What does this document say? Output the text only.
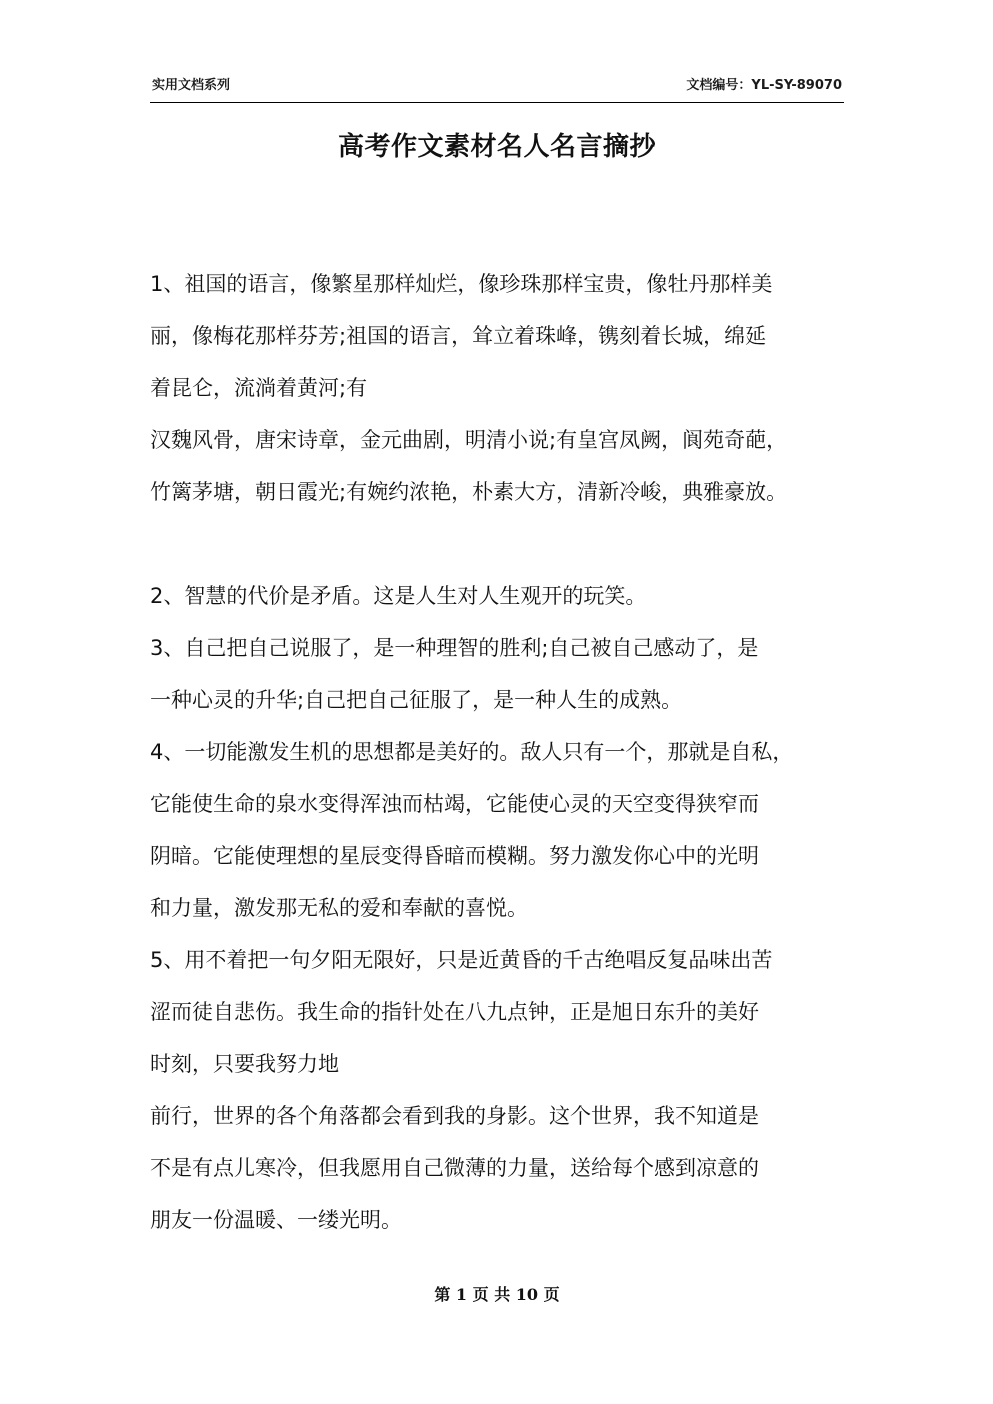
实用文档系列	文档编号：YL-SY-89070
高考作文素材名人名言摘抄
1、祖国的语言，像繁星那样灿烂，像珍珠那样宝贵，像牡丹那样美
丽，像梅花那样芬芳;祖国的语言，耸立着珠峰，镌刻着长城，绵延
着昆仑，流淌着黄河;有
汉魏风骨，唐宋诗章，金元曲剧，明清小说;有皇宫凤阙，阆苑奇葩，
竹篱茅塘，朝日霞光;有婉约浓艳，朴素大方，清新冷峻，典雅豪放。
2、智慧的代价是矛盾。这是人生对人生观开的玩笑。
3、自己把自己说服了，是一种理智的胜利;自己被自己感动了，是
一种心灵的升华;自己把自己征服了，是一种人生的成熟。
4、一切能激发生机的思想都是美好的。敌人只有一个，那就是自私，
它能使生命的泉水变得浑浊而枯竭，它能使心灵的天空变得狭窄而
阴暗。它能使理想的星辰变得昏暗而模糊。努力激发你心中的光明
和力量，激发那无私的爱和奉献的喜悦。
5、用不着把一句夕阳无限好，只是近黄昏的千古绝唱反复品味出苦
涩而徒自悲伤。我生命的指针处在八九点钟，正是旭日东升的美好
时刻，只要我努力地
前行，世界的各个角落都会看到我的身影。这个世界，我不知道是
不是有点儿寒冷，但我愿用自己微薄的力量，送给每个感到凉意的
朋友一份温暖、一缕光明。
第 1 页 共 10 页
